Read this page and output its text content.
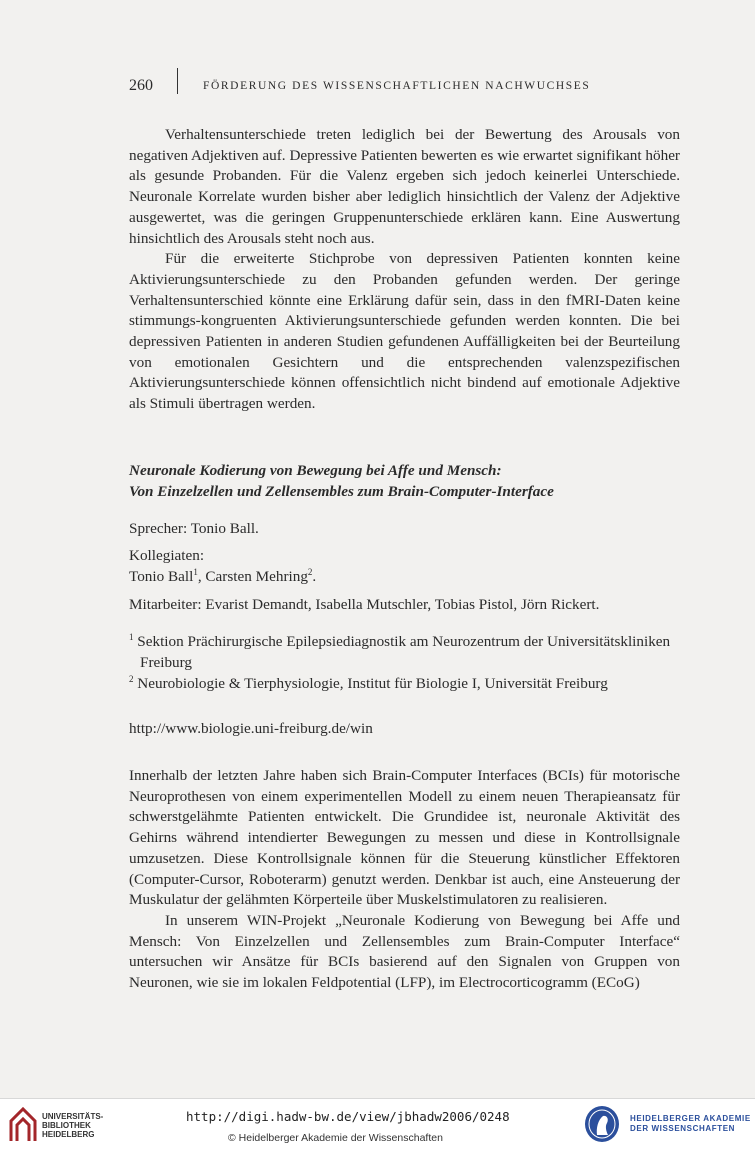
260	FÖRDERUNG DES WISSENSCHAFTLICHEN NACHWUCHSES

Verhaltensunterschiede treten lediglich bei der Bewertung des Arousals von negativen Adjektiven auf. Depressive Patienten bewerten es wie erwartet signifikant höher als gesunde Probanden. Für die Valenz ergeben sich jedoch keinerlei Unterschiede. Neuronale Korrelate wurden bisher aber lediglich hinsichtlich der Valenz der Adjektive ausgewertet, was die geringen Gruppenunterschiede erklären kann. Eine Auswertung hinsichtlich des Arousals steht noch aus.

Für die erweiterte Stichprobe von depressiven Patienten konnten keine Aktivierungsunterschiede zu den Probanden gefunden werden. Der geringe Verhaltensunterschied könnte eine Erklärung dafür sein, dass in den fMRI-Daten keine stimmungs-kongruenten Aktivierungsunterschiede gefunden werden konnten. Die bei depressiven Patienten in anderen Studien gefundenen Auffälligkeiten bei der Beurteilung von emotionalen Gesichtern und die entsprechenden valenzspezifischen Aktivierungsunterschiede können offensichtlich nicht bindend auf emotionale Adjektive als Stimuli übertragen werden.

Neuronale Kodierung von Bewegung bei Affe und Mensch:

Von Einzelzellen und Zellensembles zum Brain-Computer-Interface

Sprecher: Tonio Ball.

Kollegiaten:

Tonio Ball$^1$, Carsten Mehring$^2$.

Mitarbeiter: Evarist Demandt, Isabella Mutschler, Tobias Pistol, Jörn Rickert.

$^1$ Sektion Prächirurgische Epilepsiediagnostik am Neurozentrum der Universitätskliniken Freiburg

$^2$ Neurobiologie & Tierphysiologie, Institut für Biologie I, Universität Freiburg

http://www.biologie.uni-freiburg.de/win

Innerhalb der letzten Jahre haben sich Brain-Computer Interfaces (BCIs) für motorische Neuroprothesen von einem experimentellen Modell zu einem neuen Therapieansatz für schwerstgelähmte Patienten entwickelt. Die Grundidee ist, neuronale Aktivität des Gehirns während intendierter Bewegungen zu messen und diese in Kontrollsignale umzusetzen. Diese Kontrollsignale können für die Steuerung künstlicher Effektoren (Computer-Cursor, Roboterarm) genutzt werden. Denkbar ist auch, eine Ansteuerung der Muskulatur der gelähmten Körperteile über Muskelstimulatoren zu realisieren.

In unserem WIN-Projekt „Neuronale Kodierung von Bewegung bei Affe und Mensch: Von Einzelzellen und Zellensembles zum Brain-Computer Interface“ untersuchen wir Ansätze für BCIs basierend auf den Signalen von Gruppen von Neuronen, wie sie im lokalen Feldpotential (LFP), im Electrocorticogramm (ECoG)

UNIVERSITÄTS-
BIBLIOTHEK
HEIDELBERG
http://digi.hadw-bw.de/view/jbhadw2006/0248
© Heidelberger Akademie der Wissenschaften
HEIDELBERGER AKADEMIE
DER WISSENSCHAFTEN
